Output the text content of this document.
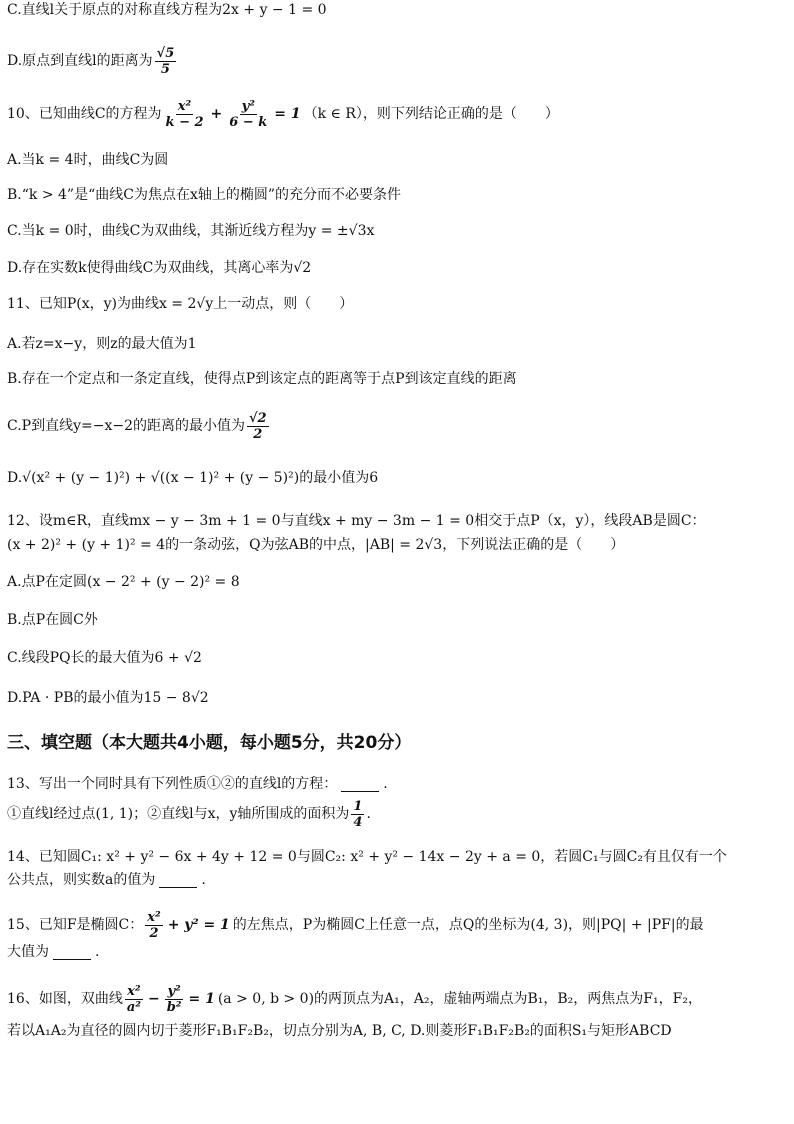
C.直线l关于原点的对称直线方程为2x + y − 1 = 0
D.原点到直线l的距离为 $\frac{√5}{5}$
10、已知曲线C的方程为 $\frac{\text{x²}}{k - 2} + \frac{\text{y²}}{6 - k} = 1$ （k ∈ R），则下列结论正确的是（　　）
A.当k = 4时，曲线C为圆
B.“k > 4”是“曲线C为焦点在x轴上的椭圆”的充分而不必要条件
C.当k = 0时，曲线C为双曲线，其渐近线方程为y = ±√3x
D.存在实数k使得曲线C为双曲线，其离心率为√2
11、已知P(x，y)为曲线x = 2√y上一动点，则（　　）
A.若z=x−y，则z的最大值为1
B.存在一个定点和一条定直线，使得点P到该定点的距离等于点P到该定直线的距离
C.P到直线y=−x−2的距离的最小值为 $\frac{√2}{2}$
D.√(x² + (y − 1)²) + √((x − 1)² + (y − 5)²)的最小值为6
12、设m∈R，直线mx − y − 3m + 1 = 0与直线x + my − 3m − 1 = 0相交于点P（x，y），线段AB是圆C：
(x + 2)² + (y + 1)² = 4的一条动弦，Q为弦AB的中点，|AB| = 2√3，下列说法正确的是（　　）
A.点P在定圆(x − 2² + (y − 2)² = 8
B.点P在圆C外
C.线段PQ长的最大值为6 + √2
D.PA · PB的最小值为15 − 8√2
三、填空题（本大题共4小题，每小题5分，共20分）
13、写出一个同时具有下列性质①②的直线l的方程：	.
①直线l经过点(1, 1)；②直线l与x，y轴所围成的面积为 $\frac{1}{4}$ .
14、已知圆C₁: x² + y² − 6x + 4y + 12 = 0与圆C₂: x² + y² − 14x − 2y + a = 0，若圆C₁与圆C₂有且仅有一个
公共点，则实数a的值为	.
15、已知F是椭圆C： $\frac{\text{x²}}{2} + y^2 = 1$ 的左焦点，P为椭圆C上任意一点，点Q的坐标为(4, 3)，则|PQ| + |PF|的最
大值为	.
16、如图，双曲线 $\frac{\text{x²}}{\text{a²}} - \frac{\text{y²}}{\text{b²}} = 1$ (a > 0, b > 0)的两顶点为A₁，A₂，虚轴两端点为B₁，B₂，两焦点为F₁，F₂，
若以A₁A₂为直径的圆内切于菱形F₁B₁F₂B₂，切点分别为A, B, C, D.则菱形F₁B₁F₂B₂的面积S₁与矩形ABCD
